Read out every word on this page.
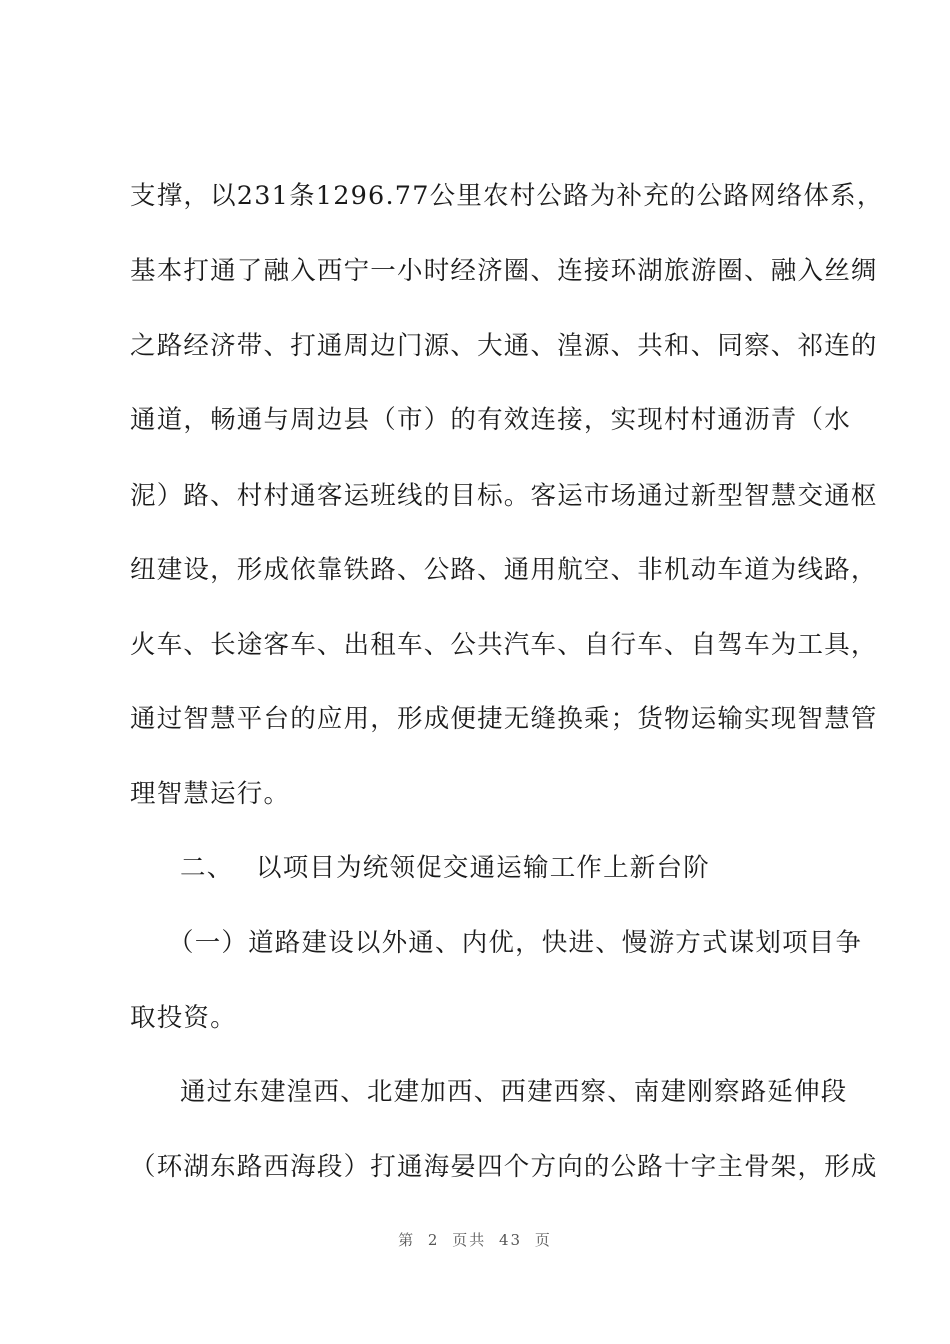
支撑，以231条1296.77公里农村公路为补充的公路网络体系，
基本打通了融入西宁一小时经济圈、连接环湖旅游圈、融入丝绸
之路经济带、打通周边门源、大通、湟源、共和、同察、祁连的
通道，畅通与周边县（市）的有效连接，实现村村通沥青（水
泥）路、村村通客运班线的目标。客运市场通过新型智慧交通枢
纽建设，形成依靠铁路、公路、通用航空、非机动车道为线路，
火车、长途客车、出租车、公共汽车、自行车、自驾车为工具，
通过智慧平台的应用，形成便捷无缝换乘；货物运输实现智慧管
理智慧运行。
二、 以项目为统领促交通运输工作上新台阶
（一）道路建设以外通、内优，快进、慢游方式谋划项目争
取投资。
通过东建湟西、北建加西、西建西察、南建刚察路延伸段
（环湖东路西海段）打通海晏四个方向的公路十字主骨架，形成
第 2 页共 43 页
